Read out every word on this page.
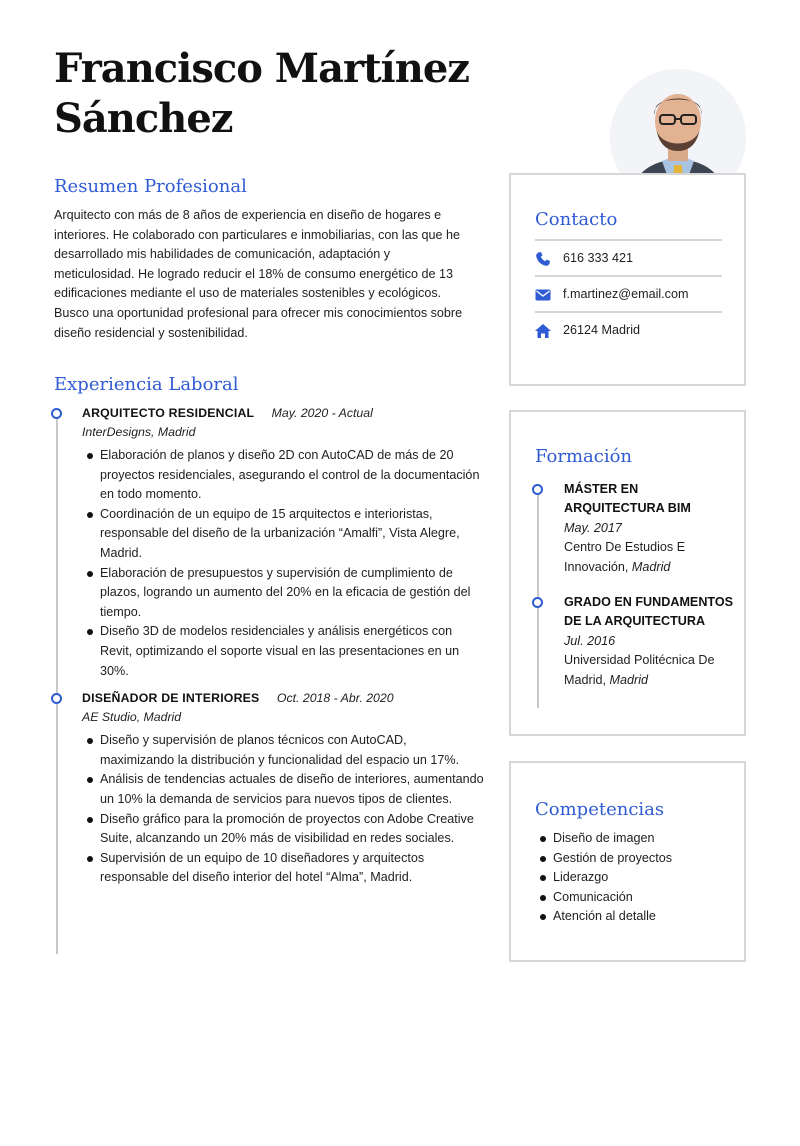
Francisco Martínez
Sánchez
Resumen Profesional

Arquitecto con más de 8 años de experiencia en diseño de hogares e interiores. He colaborado con particulares e inmobiliarias, con las que he desarrollado mis habilidades de comunicación, adaptación y meticulosidad. He logrado reducir el 18% de consumo energético de 13 edificaciones mediante el uso de materiales sostenibles y ecológicos. Busco una oportunidad profesional para ofrecer mis conocimientos sobre diseño residencial y sostenibilidad.

Experiencia Laboral
ARQUITECTO RESIDENCIAL May. 2020 - Actual
InterDesigns, Madrid
Elaboración de planos y diseño 2D con AutoCAD de más de 20 proyectos residenciales, asegurando el control de la documentación en todo momento.
Coordinación de un equipo de 15 arquitectos e interioristas, responsable del diseño de la urbanización “Amalfi”, Vista Alegre, Madrid.
Elaboración de presupuestos y supervisión de cumplimiento de plazos, logrando un aumento del 20% en la eficacia de gestión del tiempo.
Diseño 3D de modelos residenciales y análisis energéticos con Revit, optimizando el soporte visual en las presentaciones en un 30%.
DISEÑADOR DE INTERIORES Oct. 2018 - Abr. 2020
AE Studio, Madrid
Diseño y supervisión de planos técnicos con AutoCAD, maximizando la distribución y funcionalidad del espacio un 17%.
Análisis de tendencias actuales de diseño de interiores, aumentando un 10% la demanda de servicios para nuevos tipos de clientes.
Diseño gráfico para la promoción de proyectos con Adobe Creative Suite, alcanzando un 20% más de visibilidad en redes sociales.
Supervisión de un equipo de 10 diseñadores y arquitectos responsable del diseño interior del hotel “Alma”, Madrid.
Contacto
616 333 421
f.martinez@email.com
26124 Madrid
Formación
MÁSTER EN ARQUITECTURA BIM
May. 2017
Centro De Estudios E Innovación, Madrid
GRADO EN FUNDAMENTOS DE LA ARQUITECTURA
Jul. 2016
Universidad Politécnica De Madrid, Madrid
Competencias
Diseño de imagen
Gestión de proyectos
Liderazgo
Comunicación
Atención al detalle
